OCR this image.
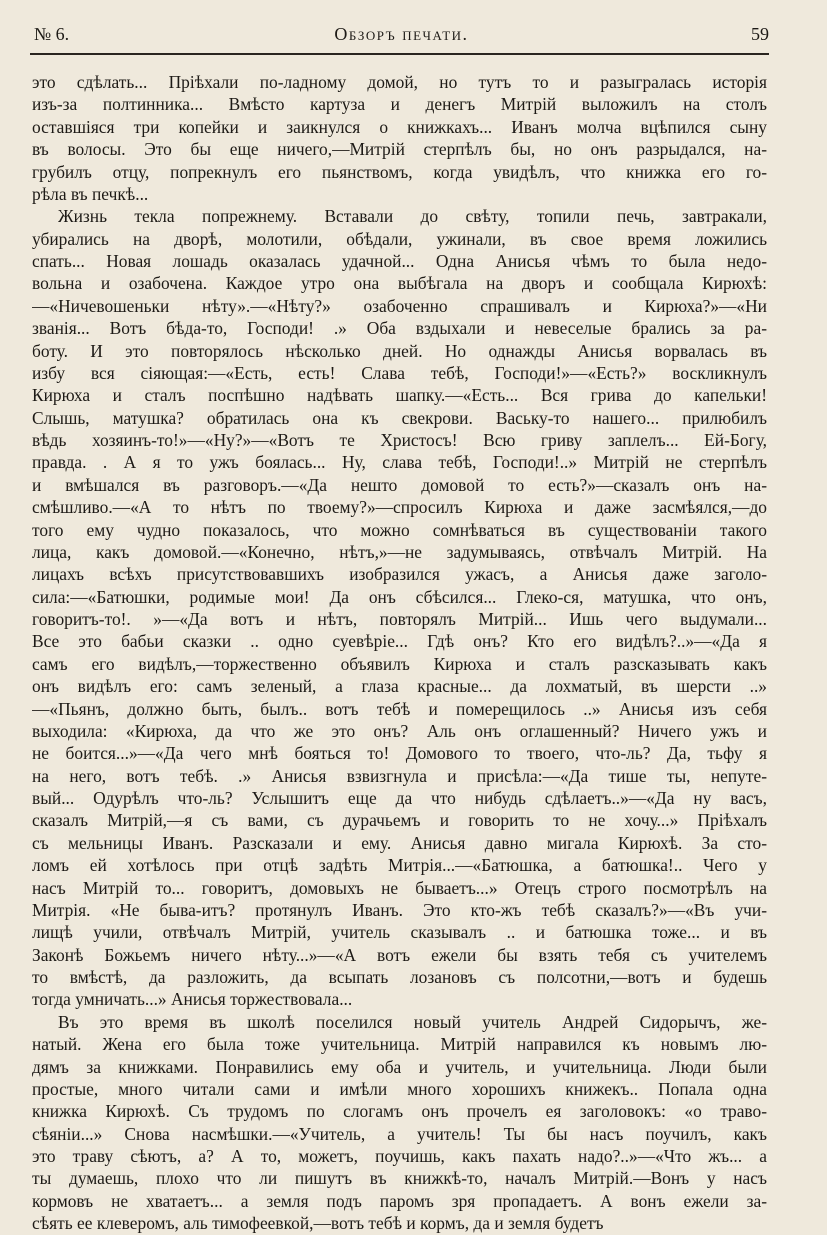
№ 6.	Обзоръ печати.	59
это сдѣлать... Пріѣхали по-ладному домой, но тутъ то и разыгралась исторія
изъ-за полтинника... Вмѣсто картуза и денегъ Митрій выложилъ на столъ
оставшіяся три копейки и заикнулся о книжкахъ... Иванъ молча вцѣпился сыну
въ волосы. Это бы еще ничего,—Митрій стерпѣлъ бы, но онъ разрыдался, на-
грубилъ отцу, попрекнулъ его пьянствомъ, когда увидѣлъ, что книжка его го-
рѣла въ печкѣ...
Жизнь текла попрежнему. Вставали до свѣту, топили печь, завтракали,
убирались на дворѣ, молотили, обѣдали, ужинали, въ свое время ложились
спать... Новая лошадь оказалась удачной... Одна Анисья чѣмъ то была недо-
вольна и озабочена. Каждое утро она выбѣгала на дворъ и сообщала Кирюхѣ:
—«Ничевошеньки нѣту».—«Нѣту?» озабоченно спрашивалъ и Кирюха?»—«Ни
званія... Вотъ бѣда-то, Господи! .» Оба вздыхали и невеселые брались за ра-
боту. И это повторялось нѣсколько дней. Но однажды Анисья ворвалась въ
избу вся сіяющая:—«Есть, есть! Слава тебѣ, Господи!»—«Есть?» воскликнулъ
Кирюха и сталъ поспѣшно надѣвать шапку.—«Есть... Вся грива до капельки!
Слышь, матушка? обратилась она къ свекрови. Ваську-то нашего... прилюбилъ
вѣдь хозяинъ-то!»—«Ну?»—«Вотъ те Христосъ! Всю гриву заплелъ... Ей-Богу,
правда. . А я то ужъ боялась... Ну, слава тебѣ, Господи!..» Митрій не стерпѣлъ
и вмѣшался въ разговоръ.—«Да нешто домовой то есть?»—сказалъ онъ на-
смѣшливо.—«А то нѣтъ по твоему?»—спросилъ Кирюха и даже засмѣялся,—до
того ему чудно показалось, что можно сомнѣваться въ существованіи такого
лица, какъ домовой.—«Конечно, нѣтъ,»—не задумываясь, отвѣчалъ Митрій. На
лицахъ всѣхъ присутствовавшихъ изобразился ужасъ, а Анисья даже заголо-
сила:—«Батюшки, родимые мои! Да онъ сбѣсился... Глеко-ся, матушка, что онъ,
говоритъ-то!. »—«Да вотъ и нѣтъ, повторялъ Митрій... Ишь чего выдумали...
Все это бабьи сказки .. одно суевѣріе... Гдѣ онъ? Кто его видѣлъ?..»—«Да я
самъ его видѣлъ,—торжественно объявилъ Кирюха и сталъ разсказывать какъ
онъ видѣлъ его: самъ зеленый, а глаза красные... да лохматый, въ шерсти ..»
—«Пьянъ, должно быть, былъ.. вотъ тебѣ и померещилось ..» Анисья изъ себя
выходила: «Кирюха, да что же это онъ? Аль онъ оглашенный? Ничего ужъ и
не боится...»—«Да чего мнѣ бояться то! Домового то твоего, что-ль? Да, тьфу я
на него, вотъ тебѣ. .» Анисья взвизгнула и присѣла:—«Да тише ты, непуте-
вый... Одурѣлъ что-ль? Услышитъ еще да что нибудь сдѣлаетъ..»—«Да ну васъ,
сказалъ Митрій,—я съ вами, съ дурачьемъ и говорить то не хочу...» Пріѣхалъ
съ мельницы Иванъ. Разсказали и ему. Анисья давно мигала Кирюхѣ. За сто-
ломъ ей хотѣлось при отцѣ задѣть Митрія...—«Батюшка, а батюшка!.. Чего у
насъ Митрій то... говоритъ, домовыхъ не бываетъ...» Отецъ строго посмотрѣлъ на
Митрія. «Не быва-итъ? протянулъ Иванъ. Это кто-жъ тебѣ сказалъ?»—«Въ учи-
лищѣ учили, отвѣчалъ Митрій, учитель сказывалъ .. и батюшка тоже... и въ
Законѣ Божьемъ ничего нѣту...»—«А вотъ ежели бы взять тебя съ учителемъ
то вмѣстѣ, да разложить, да всыпать лозановъ съ полсотни,—вотъ и будешь
тогда умничать...» Анисья торжествовала...
Въ это время въ школѣ поселился новый учитель Андрей Сидорычъ, же-
натый. Жена его была тоже учительница. Митрій направился къ новымъ лю-
дямъ за книжками. Понравились ему оба и учитель, и учительница. Люди были
простые, много читали сами и имѣли много хорошихъ книжекъ.. Попала одна
книжка Кирюхѣ. Съ трудомъ по слогамъ онъ прочелъ ея заголовокъ: «о траво-
сѣяніи...» Снова насмѣшки.—«Учитель, а учитель! Ты бы насъ поучилъ, какъ
это траву сѣютъ, а? А то, можетъ, поучишь, какъ пахать надо?..»—«Что жъ... а
ты думаешь, плохо что ли пишутъ въ книжкѣ-то, началъ Митрій.—Вонъ у насъ
кормовъ не хватаетъ... а земля подъ паромъ зря пропадаетъ. А вонъ ежели за-
сѣять ее клеверомъ, аль тимофеевкой,—вотъ тебѣ и кормъ, да и земля будетъ
